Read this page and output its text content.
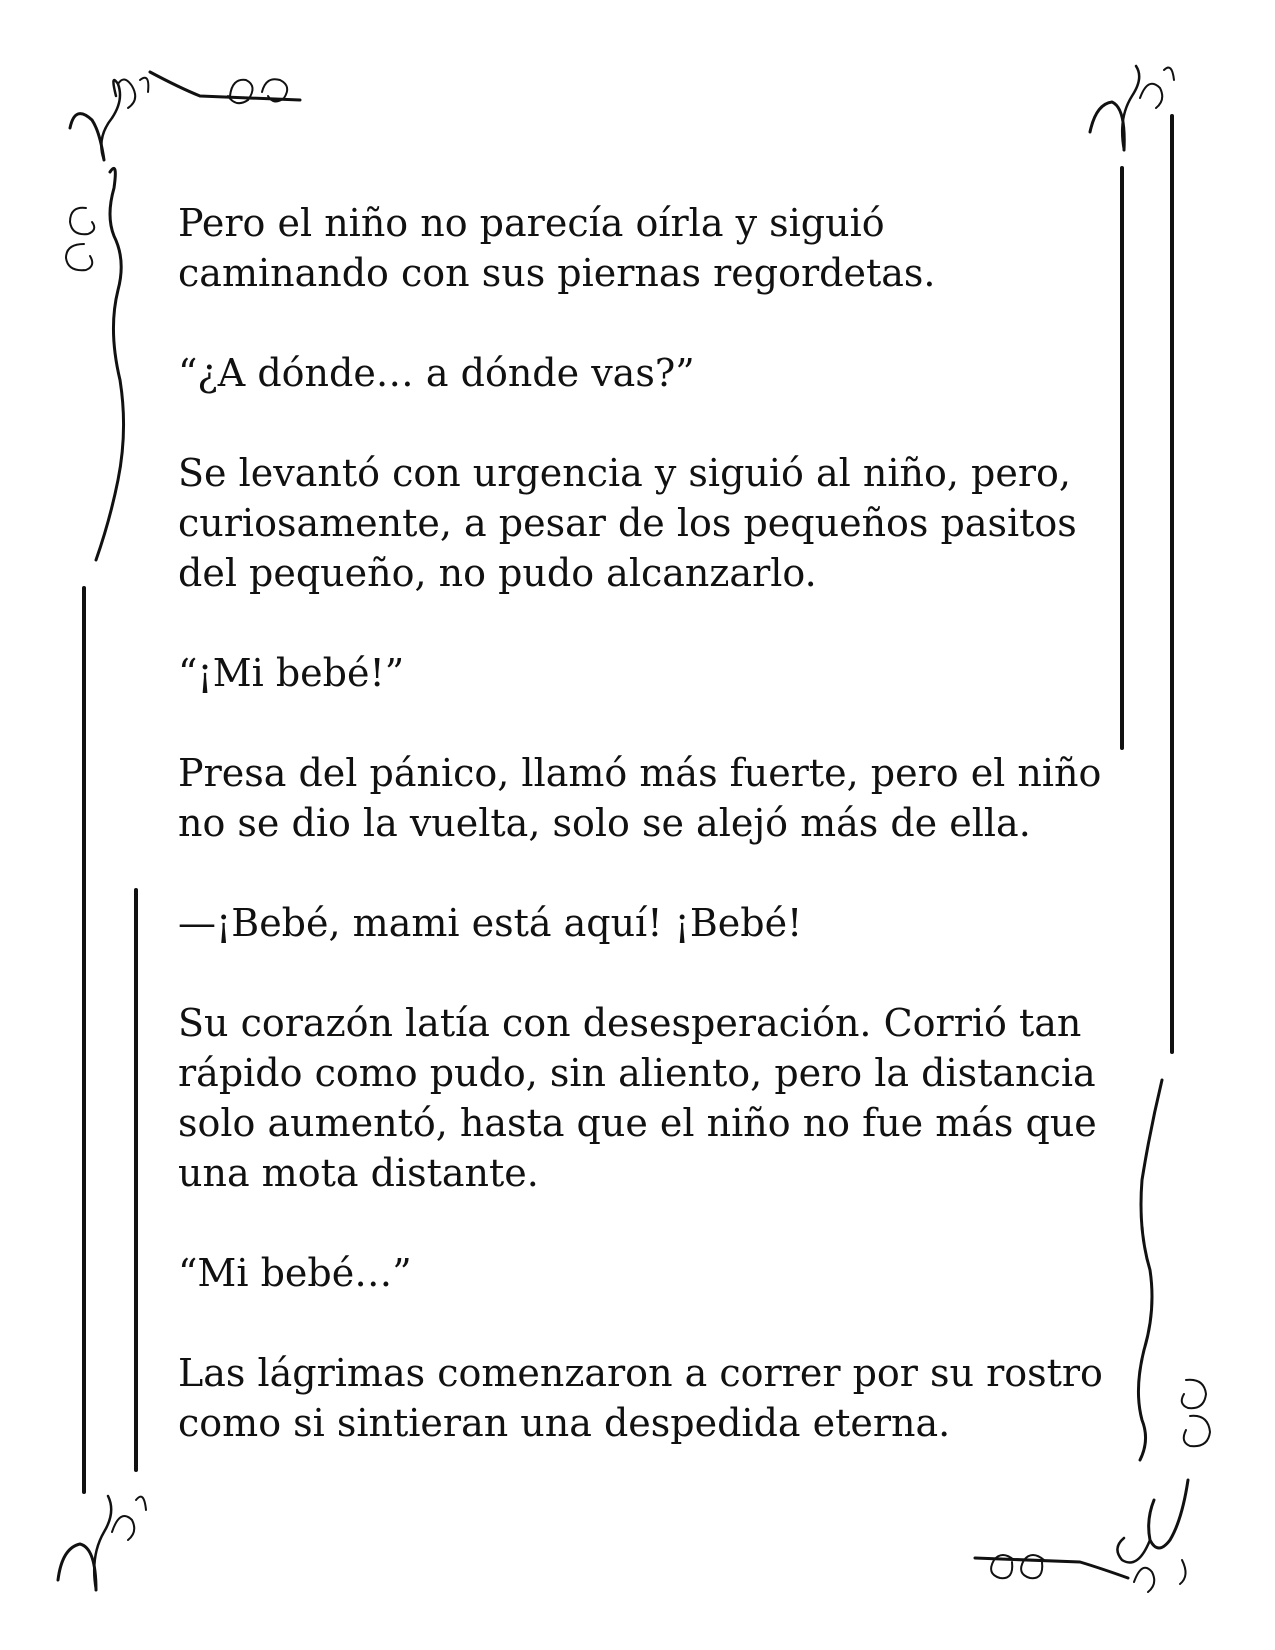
Pero el niño no parecía oírla y siguió
caminando con sus piernas regordetas.

“¿A dónde… a dónde vas?”

Se levantó con urgencia y siguió al niño, pero,
curiosamente, a pesar de los pequeños pasitos
del pequeño, no pudo alcanzarlo.

“¡Mi bebé!”

Presa del pánico, llamó más fuerte, pero el niño
no se dio la vuelta, solo se alejó más de ella.

—¡Bebé, mami está aquí! ¡Bebé!

Su corazón latía con desesperación. Corrió tan
rápido como pudo, sin aliento, pero la distancia
solo aumentó, hasta que el niño no fue más que
una mota distante.

“Mi bebé…”

Las lágrimas comenzaron a correr por su rostro
como si sintieran una despedida eterna.
